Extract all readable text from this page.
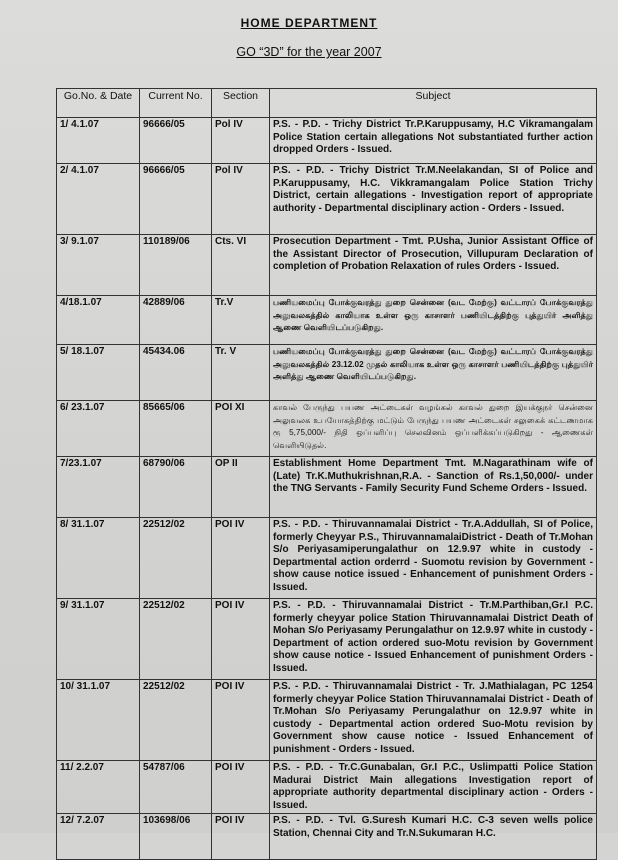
HOME DEPARTMENT
GO “3D” for the year 2007
Go.No. & Date	Current No.	Section	Subject
1/ 4.1.07	96666/05	Pol IV	P.S. - P.D. - Trichy District Tr.P.Karuppusamy, H.C Vikramangalam Police Station certain allegations Not substantiated further action dropped Orders - Issued.
2/ 4.1.07	96666/05	Pol IV	P.S. - P.D. - Trichy District Tr.M.Neelakandan, SI of Police and P.Karuppusamy, H.C. Vikkramangalam Police Station Trichy District, certain allegations - Investigation report of appropriate authority - Departmental disciplinary action - Orders - Issued.
3/ 9.1.07	110189/06	Cts. VI	Prosecution Department - Tmt. P.Usha, Junior Assistant Office of the Assistant Director of Prosecution, Villupuram Declaration of completion of Probation Relaxation of rules Orders - Issued.
4/18.1.07	42889/06	Tr.V	பணியமைப்பு போக்குவரத்து துறை சென்னை (வட மேற்கு) வட்டாரப் போக்குவரத்து அலுவலகத்தில் காலியாக உள்ள ஒரு காசாளர் பணியிடத்திற்கு புத்துயிர் அளித்து ஆணை வெளியிடப்படுகிறது.
5/ 18.1.07	45434.06	Tr. V	பணியமைப்பு போக்குவரத்து துறை சென்னை (வட மேற்கு) வட்டாரப் போக்குவரத்து அலுவலகத்தில் 23.12.02 முதல் காலியாக உள்ள ஒரு காசாளர் பணியிடத்திற்கு புத்துயிர் அளித்து ஆணை வெளியிடப்படுகிறது.
6/ 23.1.07	85665/06	POI XI	காவல் பேருந்து பயண அட்டைகள் வழங்கல் காவல் துறை இயக்குநர் சென்னை அலுவலக உபயோகத்திற்கு மட்டும் பேருந்து பயண அட்டைகள் சலுகைக் கட்டணமாக ரூ 5,75,000/- நிதி ஒப்பளிப்பு செலவினம் ஒப்பளிக்கப்படுகிறது - ஆணைகள் வெளியிடுதல்.
7/23.1.07	68790/06	OP II	Establishment Home Department Tmt. M.Nagarathinam wife of (Late) Tr.K.Muthukrishnan,R.A. - Sanction of Rs.1,50,000/- under the TNG Servants - Family Security Fund Scheme Orders - Issued.
8/ 31.1.07	22512/02	POI IV	P.S. - P.D. - Thiruvannamalai District - Tr.A.Addullah, SI of Police, formerly Cheyyar P.S., ThiruvannamalaiDistrict - Death of Tr.Mohan S/o Periyasamiperungalathur on 12.9.97 white in custody - Departmental action orderrd - Suomotu revision by Government - show cause notice issued - Enhancement of punishment Orders - Issued.
9/ 31.1.07	22512/02	POI IV	P.S. - P.D. - Thiruvannamalai District - Tr.M.Parthiban,Gr.I P.C. formerly cheyyar police Station Thiruvannamalai District Death of Mohan S/o Periyasamy Perungalathur on 12.9.97 white in custody - Department of action ordered suo-Motu revision by Government show cause notice - Issued Enhancement of punishment Orders - Issued.
10/ 31.1.07	22512/02	POI IV	P.S. - P.D. - Thiruvannamalai District - Tr. J.Mathialagan, PC 1254 formerly cheyyar Police Station Thiruvannamalai District - Death of Tr.Mohan S/o Periyasamy Perungalathur on 12.9.97 white in custody - Departmental action ordered Suo-Motu revision by Government show cause notice - Issued Enhancement of punishment - Orders - Issued.
11/ 2.2.07	54787/06	POI IV	P.S. - P.D. - Tr.C.Gunabalan, Gr.I P.C., Uslimpatti Police Station Madurai District Main allegations Investigation report of appropriate authority departmental disciplinary action - Orders - Issued.
12/ 7.2.07	103698/06	POI IV	P.S. - P.D. - Tvl. G.Suresh Kumari H.C. C-3 seven wells police Station, Chennai City and Tr.N.Sukumaran H.C.
